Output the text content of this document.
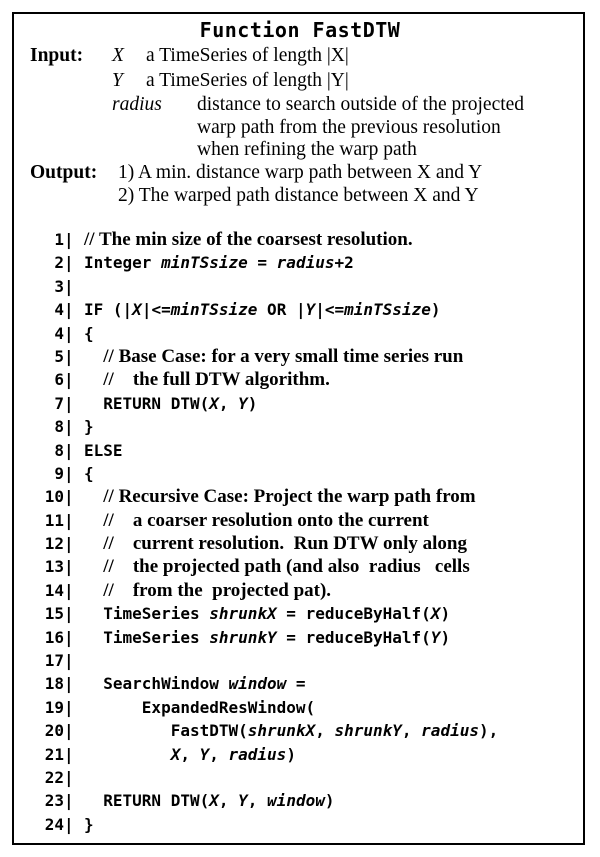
Function FastDTW
Input: X a TimeSeries of length |X|
Y a TimeSeries of length |Y|
radius distance to search outside of the projected
warp path from the previous resolution
when refining the warp path
Output: 1) A min. distance warp path between X and Y
2) The warped path distance between X and Y
1| // The min size of the coarsest resolution.
2| Integer minTSsize = radius+2
3|
4| IF (|X|<=minTSsize OR |Y|<=minTSsize)
4| {
5| // Base Case: for a very small time series run
6| //    the full DTW algorithm.
7|  RETURN DTW(X, Y)
8| }
8| ELSE
9| {
10| // Recursive Case: Project the warp path from
11| //    a coarser resolution onto the current
12| //    current resolution.  Run DTW only along
13| //    the projected path (and also  radius   cells
14| //    from the  projected pat).
15|  TimeSeries shrunkX = reduceByHalf(X)
16|  TimeSeries shrunkY = reduceByHalf(Y)
17|
18|  SearchWindow window =
19|      ExpandedResWindow(
20|         FastDTW(shrunkX, shrunkY, radius),
21|	X, Y, radius)
22|
23|  RETURN DTW(X, Y, window)
24| }
